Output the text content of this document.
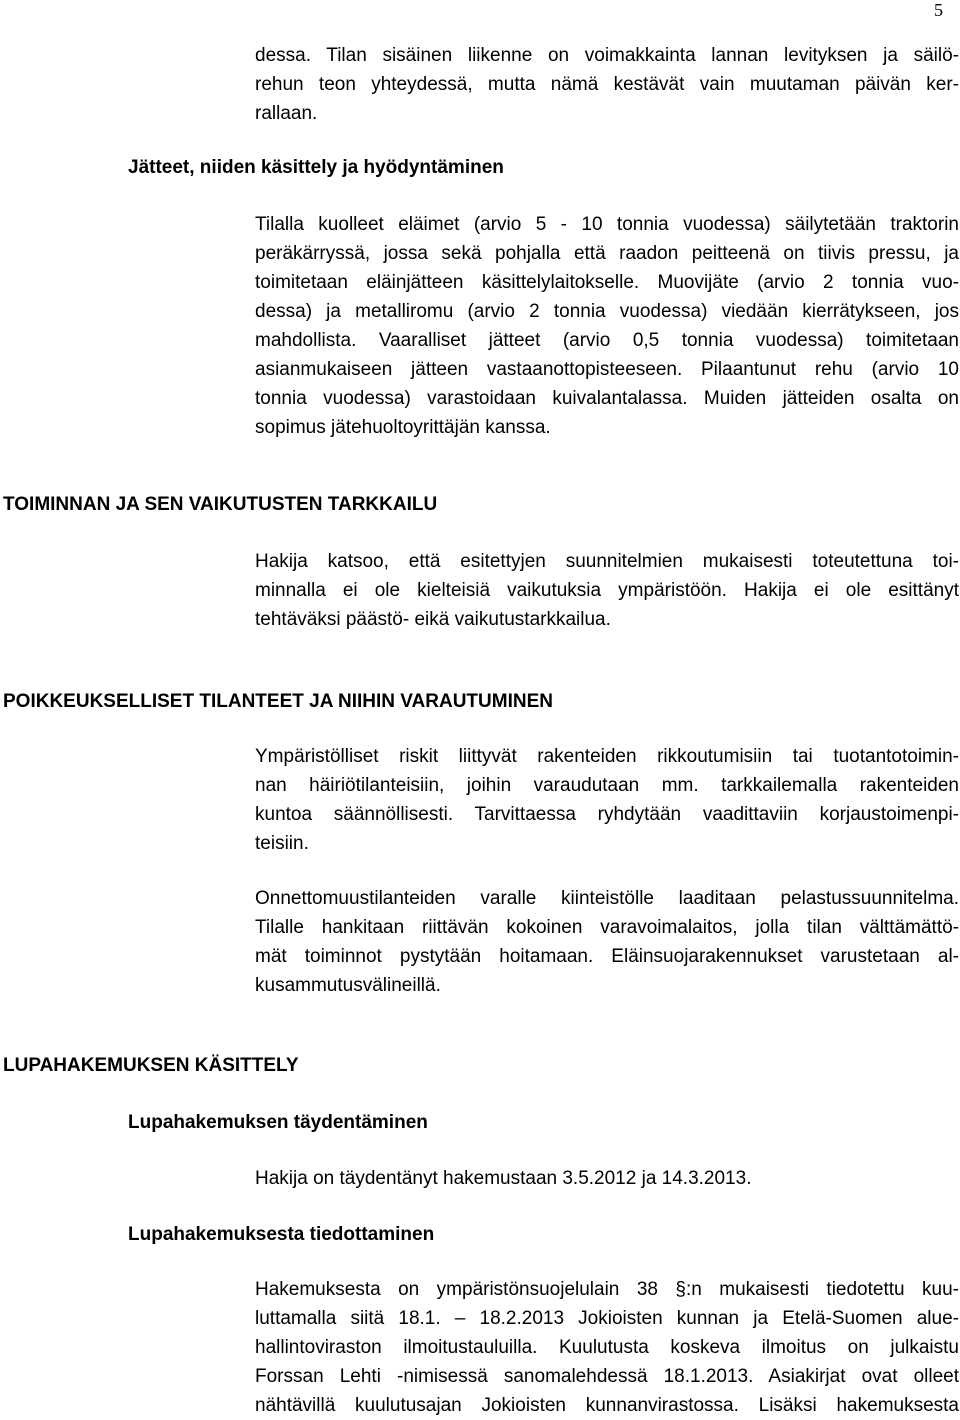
5
dessa. Tilan sisäinen liikenne on voimakkainta lannan levityksen ja säilö-
rehun teon yhteydessä, mutta nämä kestävät vain muutaman päivän ker-
rallaan.
Jätteet, niiden käsittely ja hyödyntäminen
Tilalla kuolleet eläimet (arvio 5 - 10 tonnia vuodessa) säilytetään traktorin
peräkärryssä, jossa sekä pohjalla että raadon peitteenä on tiivis pressu, ja
toimitetaan eläinjätteen käsittelylaitokselle. Muovijäte (arvio 2 tonnia vuo-
dessa) ja metalliromu (arvio 2 tonnia vuodessa) viedään kierrätykseen, jos
mahdollista. Vaaralliset jätteet (arvio 0,5 tonnia vuodessa) toimitetaan
asianmukaiseen jätteen vastaanottopisteeseen. Pilaantunut rehu (arvio 10
tonnia vuodessa) varastoidaan kuivalantalassa. Muiden jätteiden osalta on
sopimus jätehuoltoyrittäjän kanssa.
TOIMINNAN JA SEN VAIKUTUSTEN TARKKAILU
Hakija katsoo, että esitettyjen suunnitelmien mukaisesti toteutettuna toi-
minnalla ei ole kielteisiä vaikutuksia ympäristöön. Hakija ei ole esittänyt
tehtäväksi päästö- eikä vaikutustarkkailua.
POIKKEUKSELLISET TILANTEET JA NIIHIN VARAUTUMINEN
Ympäristölliset riskit liittyvät rakenteiden rikkoutumisiin tai tuotantotoimin-
nan häiriötilanteisiin, joihin varaudutaan mm. tarkkailemalla rakenteiden
kuntoa säännöllisesti. Tarvittaessa ryhdytään vaadittaviin korjaustoimenpi-
teisiin.
Onnettomuustilanteiden varalle kiinteistölle laaditaan pelastussuunnitelma.
Tilalle hankitaan riittävän kokoinen varavoimalaitos, jolla tilan välttämättö-
mät toiminnot pystytään hoitamaan. Eläinsuojarakennukset varustetaan al-
kusammutusvälineillä.
LUPAHAKEMUKSEN KÄSITTELY
Lupahakemuksen täydentäminen
Hakija on täydentänyt hakemustaan 3.5.2012 ja 14.3.2013.
Lupahakemuksesta tiedottaminen
Hakemuksesta on ympäristönsuojelulain 38 §:n mukaisesti tiedotettu kuu-
luttamalla siitä 18.1. – 18.2.2013 Jokioisten kunnan ja Etelä-Suomen alue-
hallintoviraston ilmoitustauluilla. Kuulutusta koskeva ilmoitus on julkaistu
Forssan Lehti -nimisessä sanomalehdessä 18.1.2013. Asiakirjat ovat olleet
nähtävillä kuulutusajan Jokioisten kunnanvirastossa. Lisäksi hakemuksesta
